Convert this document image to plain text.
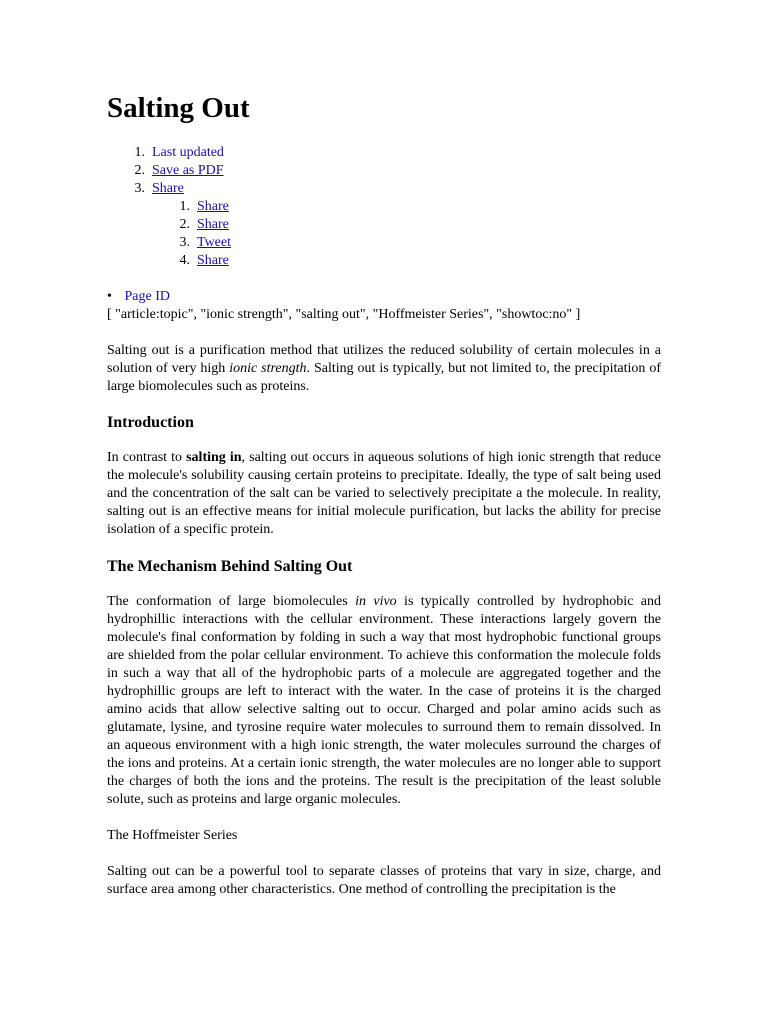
Salting Out
1. Last updated
2. Save as PDF
3. Share
1. Share
2. Share
3. Tweet
4. Share
• Page ID
[ "article:topic", "ionic strength", "salting out", "Hoffmeister Series", "showtoc:no" ]

Salting out is a purification method that utilizes the reduced solubility of certain molecules in a solution of very high ionic strength. Salting out is typically, but not limited to, the precipitation of large biomolecules such as proteins.

Introduction

In contrast to salting in, salting out occurs in aqueous solutions of high ionic strength that reduce the molecule's solubility causing certain proteins to precipitate. Ideally, the type of salt being used and the concentration of the salt can be varied to selectively precipitate a the molecule. In reality, salting out is an effective means for initial molecule purification, but lacks the ability for precise isolation of a specific protein.

The Mechanism Behind Salting Out

The conformation of large biomolecules in vivo is typically controlled by hydrophobic and hydrophillic interactions with the cellular environment. These interactions largely govern the molecule's final conformation by folding in such a way that most hydrophobic functional groups are shielded from the polar cellular environment. To achieve this conformation the molecule folds in such a way that all of the hydrophobic parts of a molecule are aggregated together and the hydrophillic groups are left to interact with the water. In the case of proteins it is the charged amino acids that allow selective salting out to occur. Charged and polar amino acids such as glutamate, lysine, and tyrosine require water molecules to surround them to remain dissolved. In an aqueous environment with a high ionic strength, the water molecules surround the charges of the ions and proteins. At a certain ionic strength, the water molecules are no longer able to support the charges of both the ions and the proteins. The result is the precipitation of the least soluble solute, such as proteins and large organic molecules.

The Hoffmeister Series

Salting out can be a powerful tool to separate classes of proteins that vary in size, charge, and surface area among other characteristics. One method of controlling the precipitation is the
